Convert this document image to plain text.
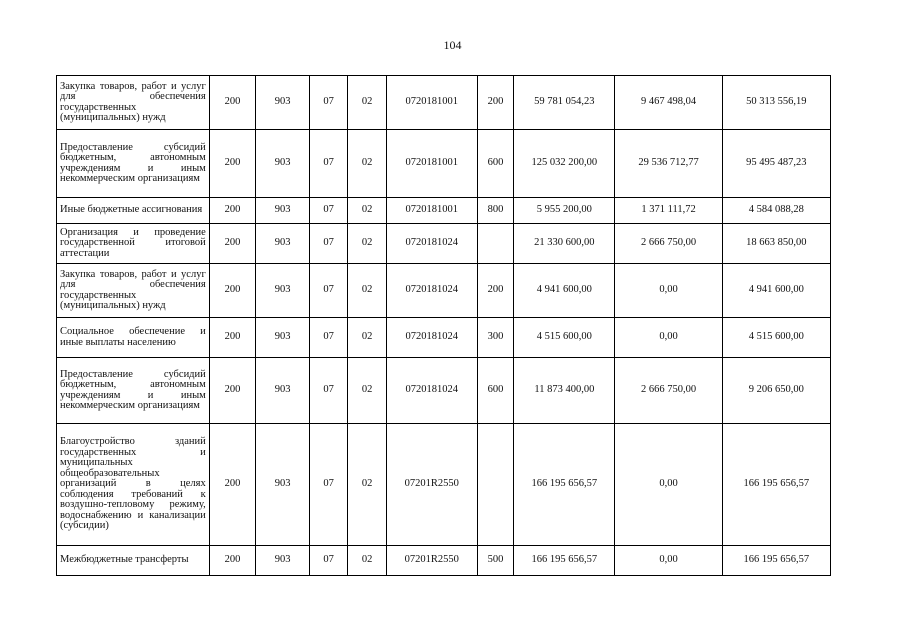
104
Закупка товаров, работ и услуг для обеспечения государственных (муниципальных) нужд	200	903	07	02	0720181001	200	59 781 054,23	9 467 498,04	50 313 556,19
Предоставление субсидий бюджетным, автономным учреждениям и иным некоммерческим организациям	200	903	07	02	0720181001	600	125 032 200,00	29 536 712,77	95 495 487,23
Иные бюджетные ассигнования	200	903	07	02	0720181001	800	5 955 200,00	1 371 111,72	4 584 088,28
Организация и проведение государственной итоговой аттестации	200	903	07	02	0720181024		21 330 600,00	2 666 750,00	18 663 850,00
Закупка товаров, работ и услуг для обеспечения государственных (муниципальных) нужд	200	903	07	02	0720181024	200	4 941 600,00	0,00	4 941 600,00
Социальное обеспечение и иные выплаты населению	200	903	07	02	0720181024	300	4 515 600,00	0,00	4 515 600,00
Предоставление субсидий бюджетным, автономным учреждениям и иным некоммерческим организациям	200	903	07	02	0720181024	600	11 873 400,00	2 666 750,00	9 206 650,00
Благоустройство зданий государственных и муниципальных общеобразовательных организаций в целях соблюдения требований к воздушно-тепловому режиму, водоснабжению и канализации (субсидии)	200	903	07	02	07201R2550		166 195 656,57	0,00	166 195 656,57
Межбюджетные трансферты	200	903	07	02	07201R2550	500	166 195 656,57	0,00	166 195 656,57
